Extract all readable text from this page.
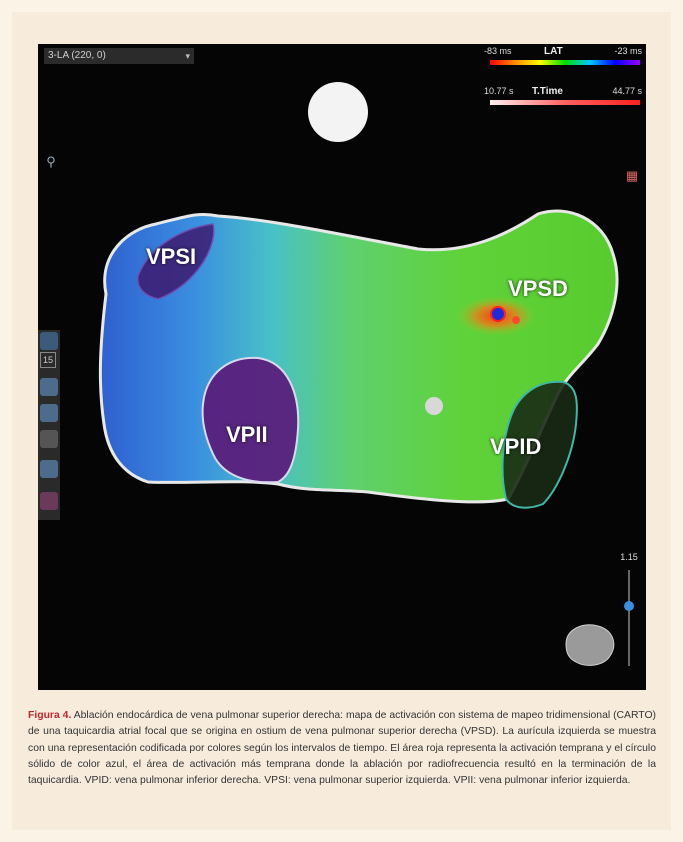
3-LA (220, 0)	▾	-83 ms	LAT	-23 ms
10.77 s T.Time	44.77 s
⚲
▦
VPSI
VPSD
VPII	VPID
15
1.15
Figura 4. Ablación endocárdica de vena pulmonar superior derecha: mapa de activación con sistema de mapeo tridimensional (CARTO) de una taquicardia atrial focal que se origina en ostium de vena pulmonar superior derecha (VPSD). La aurícula izquierda se muestra con una representación codificada por colores según los intervalos de tiempo. El área roja representa la activación temprana y el círculo sólido de color azul, el área de activación más temprana donde la ablación por radiofrecuencia resultó en la terminación de la taquicardia. VPID: vena pulmonar inferior derecha. VPSI: vena pulmonar superior izquierda. VPII: vena pulmonar inferior izquierda.
